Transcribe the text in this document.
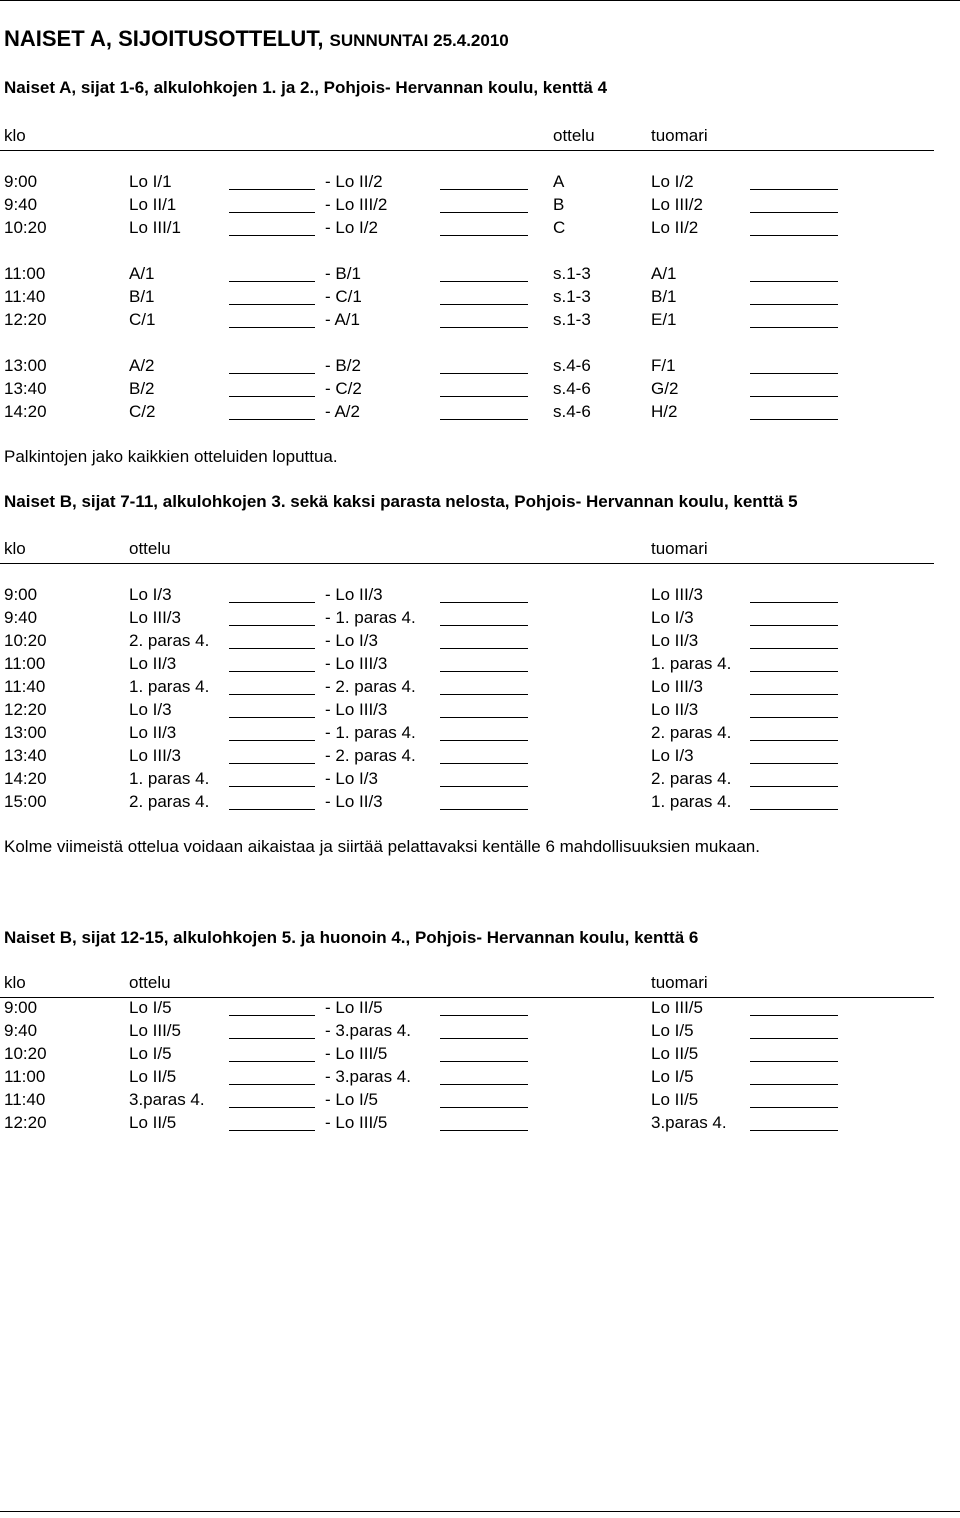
NAISET A, SIJOITUSOTTELUT, SUNNUNTAI 25.4.2010
Naiset A, sijat 1-6, alkulohkojen 1. ja 2., Pohjois- Hervannan koulu, kenttä 4
klo	ottelu	tuomari
9:00	Lo I/1	- Lo II/2	A	Lo I/2
9:40	Lo II/1	- Lo III/2	B	Lo III/2
10:20	Lo III/1	- Lo I/2	C	Lo II/2
11:00	A/1	- B/1	s.1-3	A/1
11:40	B/1	- C/1	s.1-3	B/1
12:20	C/1	- A/1	s.1-3	E/1
13:00	A/2	- B/2	s.4-6	F/1
13:40	B/2	- C/2	s.4-6	G/2
14:20	C/2	- A/2	s.4-6	H/2
Palkintojen jako kaikkien otteluiden loputtua.
Naiset B, sijat 7-11, alkulohkojen 3. sekä kaksi parasta nelosta, Pohjois- Hervannan koulu, kenttä 5
klo	ottelu	tuomari
9:00	Lo I/3	- Lo II/3	Lo III/3
9:40	Lo III/3	- 1. paras 4.	Lo I/3
10:20	2. paras 4.	- Lo I/3	Lo II/3
11:00	Lo II/3	- Lo III/3	1. paras 4.
11:40	1. paras 4.	- 2. paras 4.	Lo III/3
12:20	Lo I/3	- Lo III/3	Lo II/3
13:00	Lo II/3	- 1. paras 4.	2. paras 4.
13:40	Lo III/3	- 2. paras 4.	Lo I/3
14:20	1. paras 4.	- Lo I/3	2. paras 4.
15:00	2. paras 4.	- Lo II/3	1. paras 4.
Kolme viimeistä ottelua voidaan aikaistaa ja siirtää pelattavaksi kentälle 6 mahdollisuuksien mukaan.
Naiset B, sijat 12-15, alkulohkojen 5. ja huonoin 4., Pohjois- Hervannan koulu, kenttä 6
klo	ottelu	tuomari
9:00	Lo I/5	- Lo II/5	Lo III/5
9:40	Lo III/5	- 3.paras 4.	Lo I/5
10:20	Lo I/5	- Lo III/5	Lo II/5
11:00	Lo II/5	- 3.paras 4.	Lo I/5
11:40	3.paras 4.	- Lo I/5	Lo II/5
12:20	Lo II/5	- Lo III/5	3.paras 4.
